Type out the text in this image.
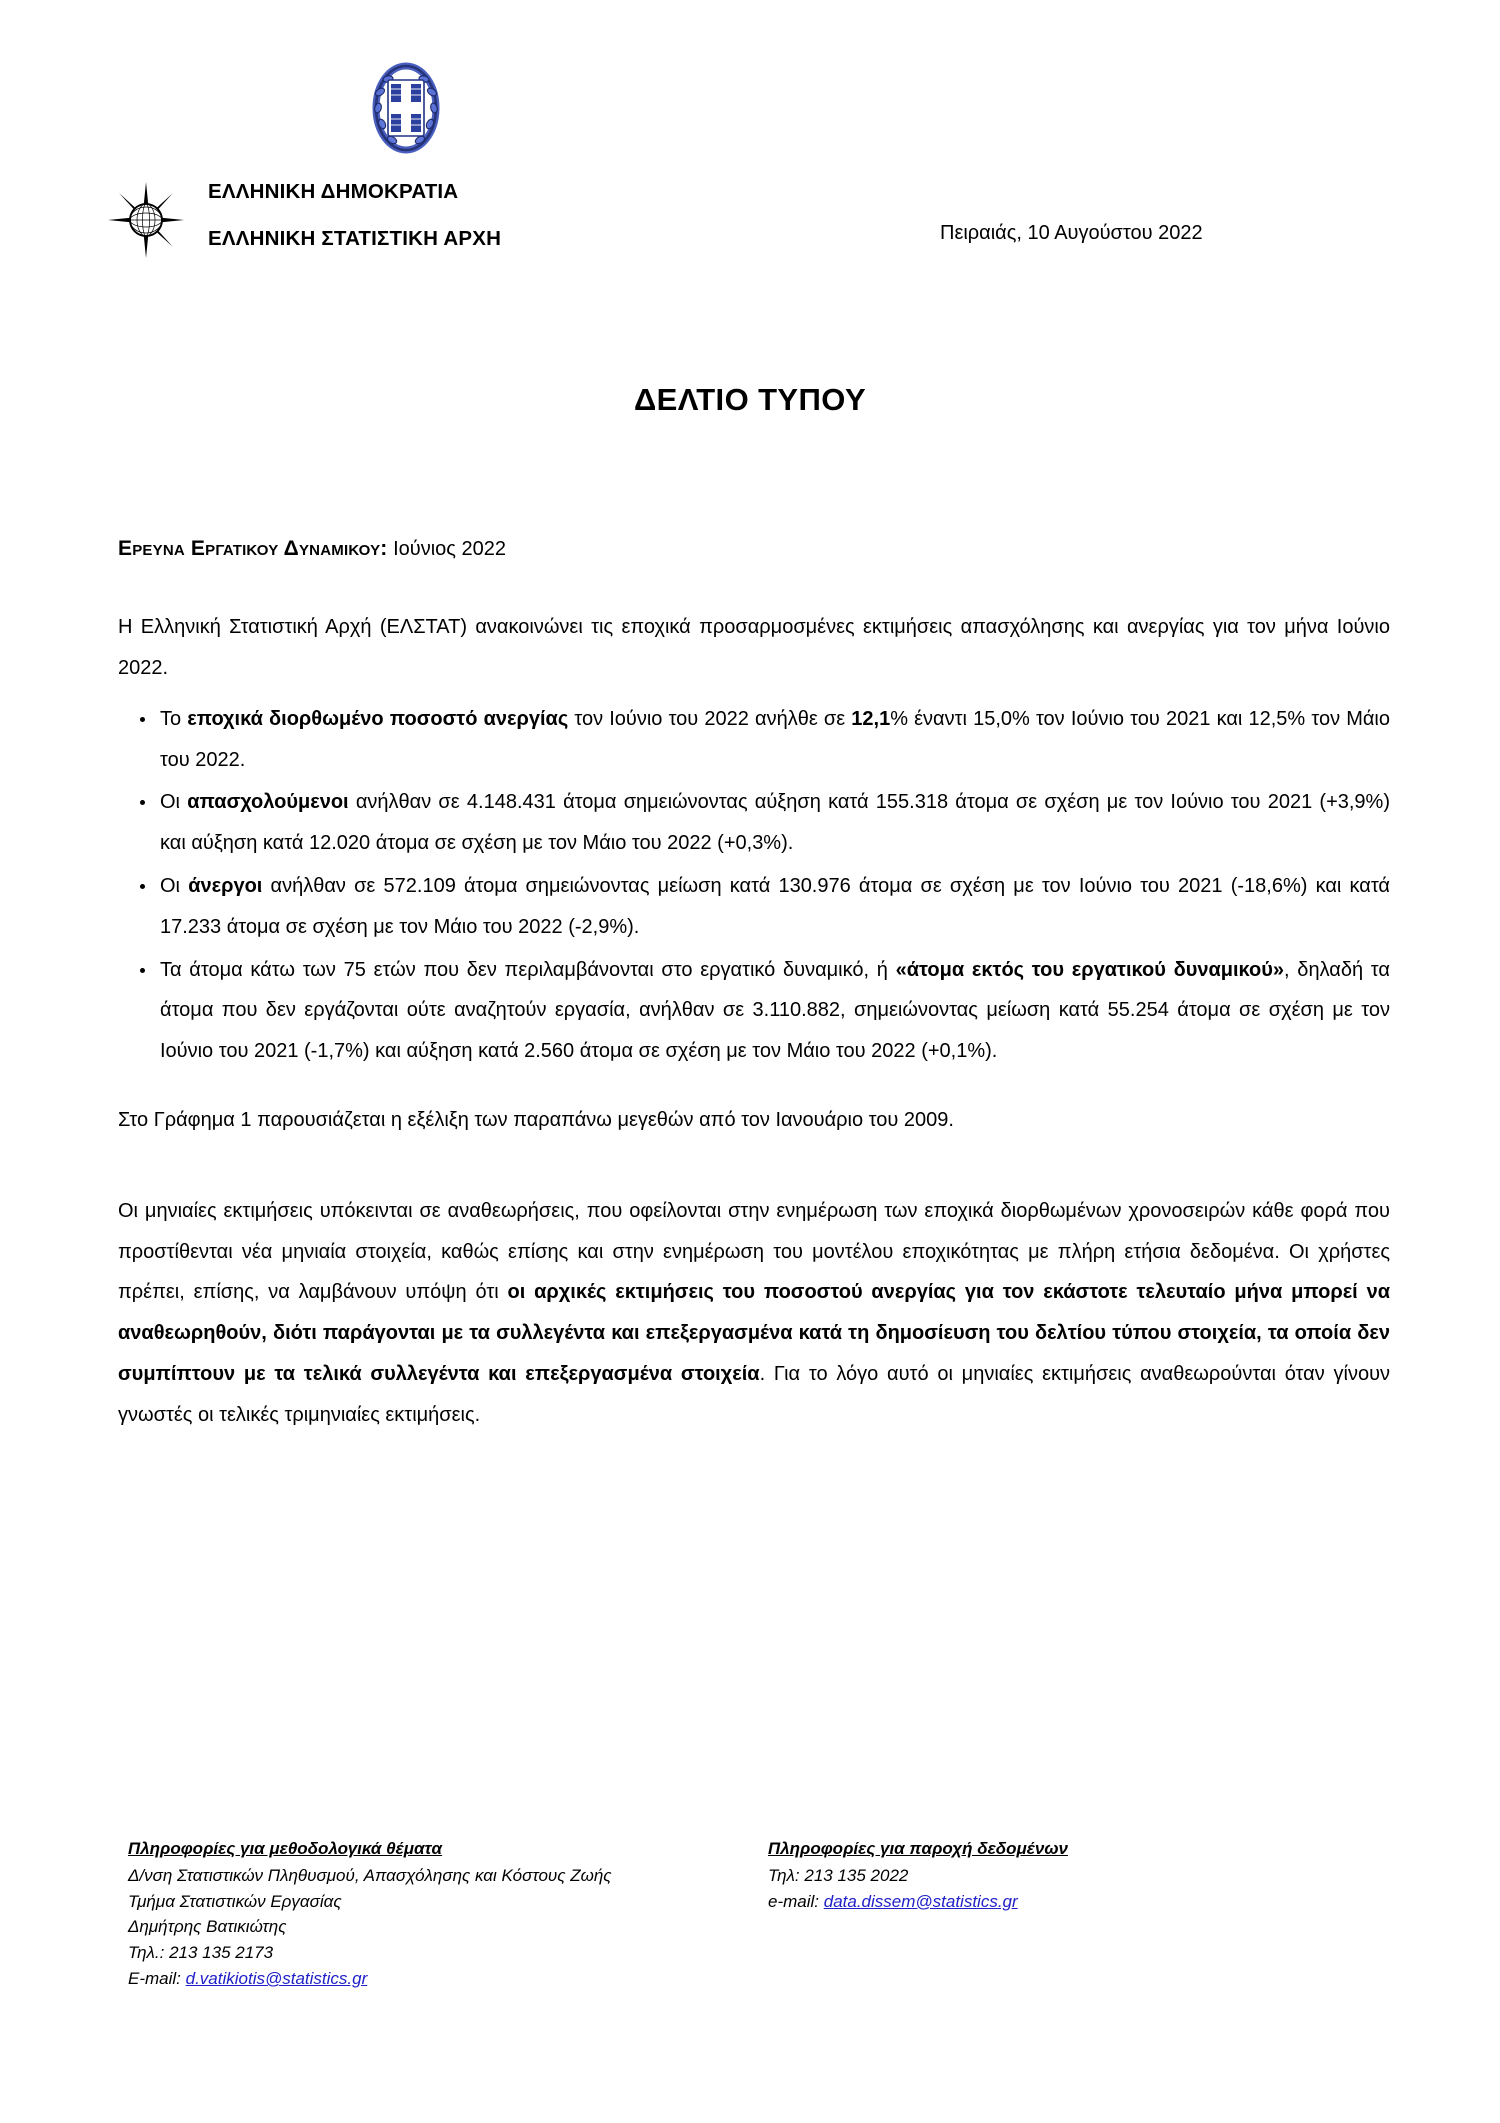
ΕΛΛΗΝΙΚΗ ΔΗΜΟΚΡΑΤΙΑ
ΕΛΛΗΝΙΚΗ ΣΤΑΤΙΣΤΙΚΗ ΑΡΧΗ	Πειραιάς, 10 Αυγούστου 2022
ΔΕΛΤΙΟ ΤΥΠΟΥ
Ερευνα Εργατικου Δυναμικου: Ιούνιος 2022

Η Ελληνική Στατιστική Αρχή (ΕΛΣΤΑΤ) ανακοινώνει τις εποχικά προσαρμοσμένες εκτιμήσεις απασχόλησης και ανεργίας για τον μήνα Ιούνιο 2022.

Το εποχικά διορθωμένο ποσοστό ανεργίας τον Ιούνιο του 2022 ανήλθε σε 12,1% έναντι 15,0% τον Ιούνιο του 2021 και 12,5% τον Μάιο του 2022.
Οι απασχολούμενοι ανήλθαν σε 4.148.431 άτομα σημειώνοντας αύξηση κατά 155.318 άτομα σε σχέση με τον Ιούνιο του 2021 (+3,9%) και αύξηση κατά 12.020 άτομα σε σχέση με τον Μάιο του 2022 (+0,3%).
Οι άνεργοι ανήλθαν σε 572.109 άτομα σημειώνοντας μείωση κατά 130.976 άτομα σε σχέση με τον Ιούνιο του 2021 (-18,6%) και κατά 17.233 άτομα σε σχέση με τον Μάιο του 2022 (-2,9%).
Τα άτομα κάτω των 75 ετών που δεν περιλαμβάνονται στο εργατικό δυναμικό, ή «άτομα εκτός του εργατικού δυναμικού», δηλαδή τα άτομα που δεν εργάζονται ούτε αναζητούν εργασία, ανήλθαν σε 3.110.882, σημειώνοντας μείωση κατά 55.254 άτομα σε σχέση με τον Ιούνιο του 2021 (-1,7%) και αύξηση κατά 2.560 άτομα σε σχέση με τον Μάιο του 2022 (+0,1%).

Στο Γράφημα 1 παρουσιάζεται η εξέλιξη των παραπάνω μεγεθών από τον Ιανουάριο του 2009.

Οι μηνιαίες εκτιμήσεις υπόκεινται σε αναθεωρήσεις, που οφείλονται στην ενημέρωση των εποχικά διορθωμένων χρονοσειρών κάθε φορά που προστίθενται νέα μηνιαία στοιχεία, καθώς επίσης και στην ενημέρωση του μοντέλου εποχικότητας με πλήρη ετήσια δεδομένα. Οι χρήστες πρέπει, επίσης, να λαμβάνουν υπόψη ότι οι αρχικές εκτιμήσεις του ποσοστού ανεργίας για τον εκάστοτε τελευταίο μήνα μπορεί να αναθεωρηθούν, διότι παράγονται με τα συλλεγέντα και επεξεργασμένα κατά τη δημοσίευση του δελτίου τύπου στοιχεία, τα οποία δεν συμπίπτουν με τα τελικά συλλεγέντα και επεξεργασμένα στοιχεία. Για το λόγο αυτό οι μηνιαίες εκτιμήσεις αναθεωρούνται όταν γίνουν γνωστές οι τελικές τριμηνιαίες εκτιμήσεις.

Πληροφορίες για μεθοδολογικά θέματα
Δ/νση Στατιστικών Πληθυσμού, Απασχόλησης και Κόστους Ζωής
Τμήμα Στατιστικών Εργασίας
Δημήτρης Βατικιώτης
Τηλ.: 213 135 2173
E-mail: d.vatikiotis@statistics.gr
Πληροφορίες για παροχή δεδομένων
Τηλ: 213 135 2022
e-mail: data.dissem@statistics.gr
